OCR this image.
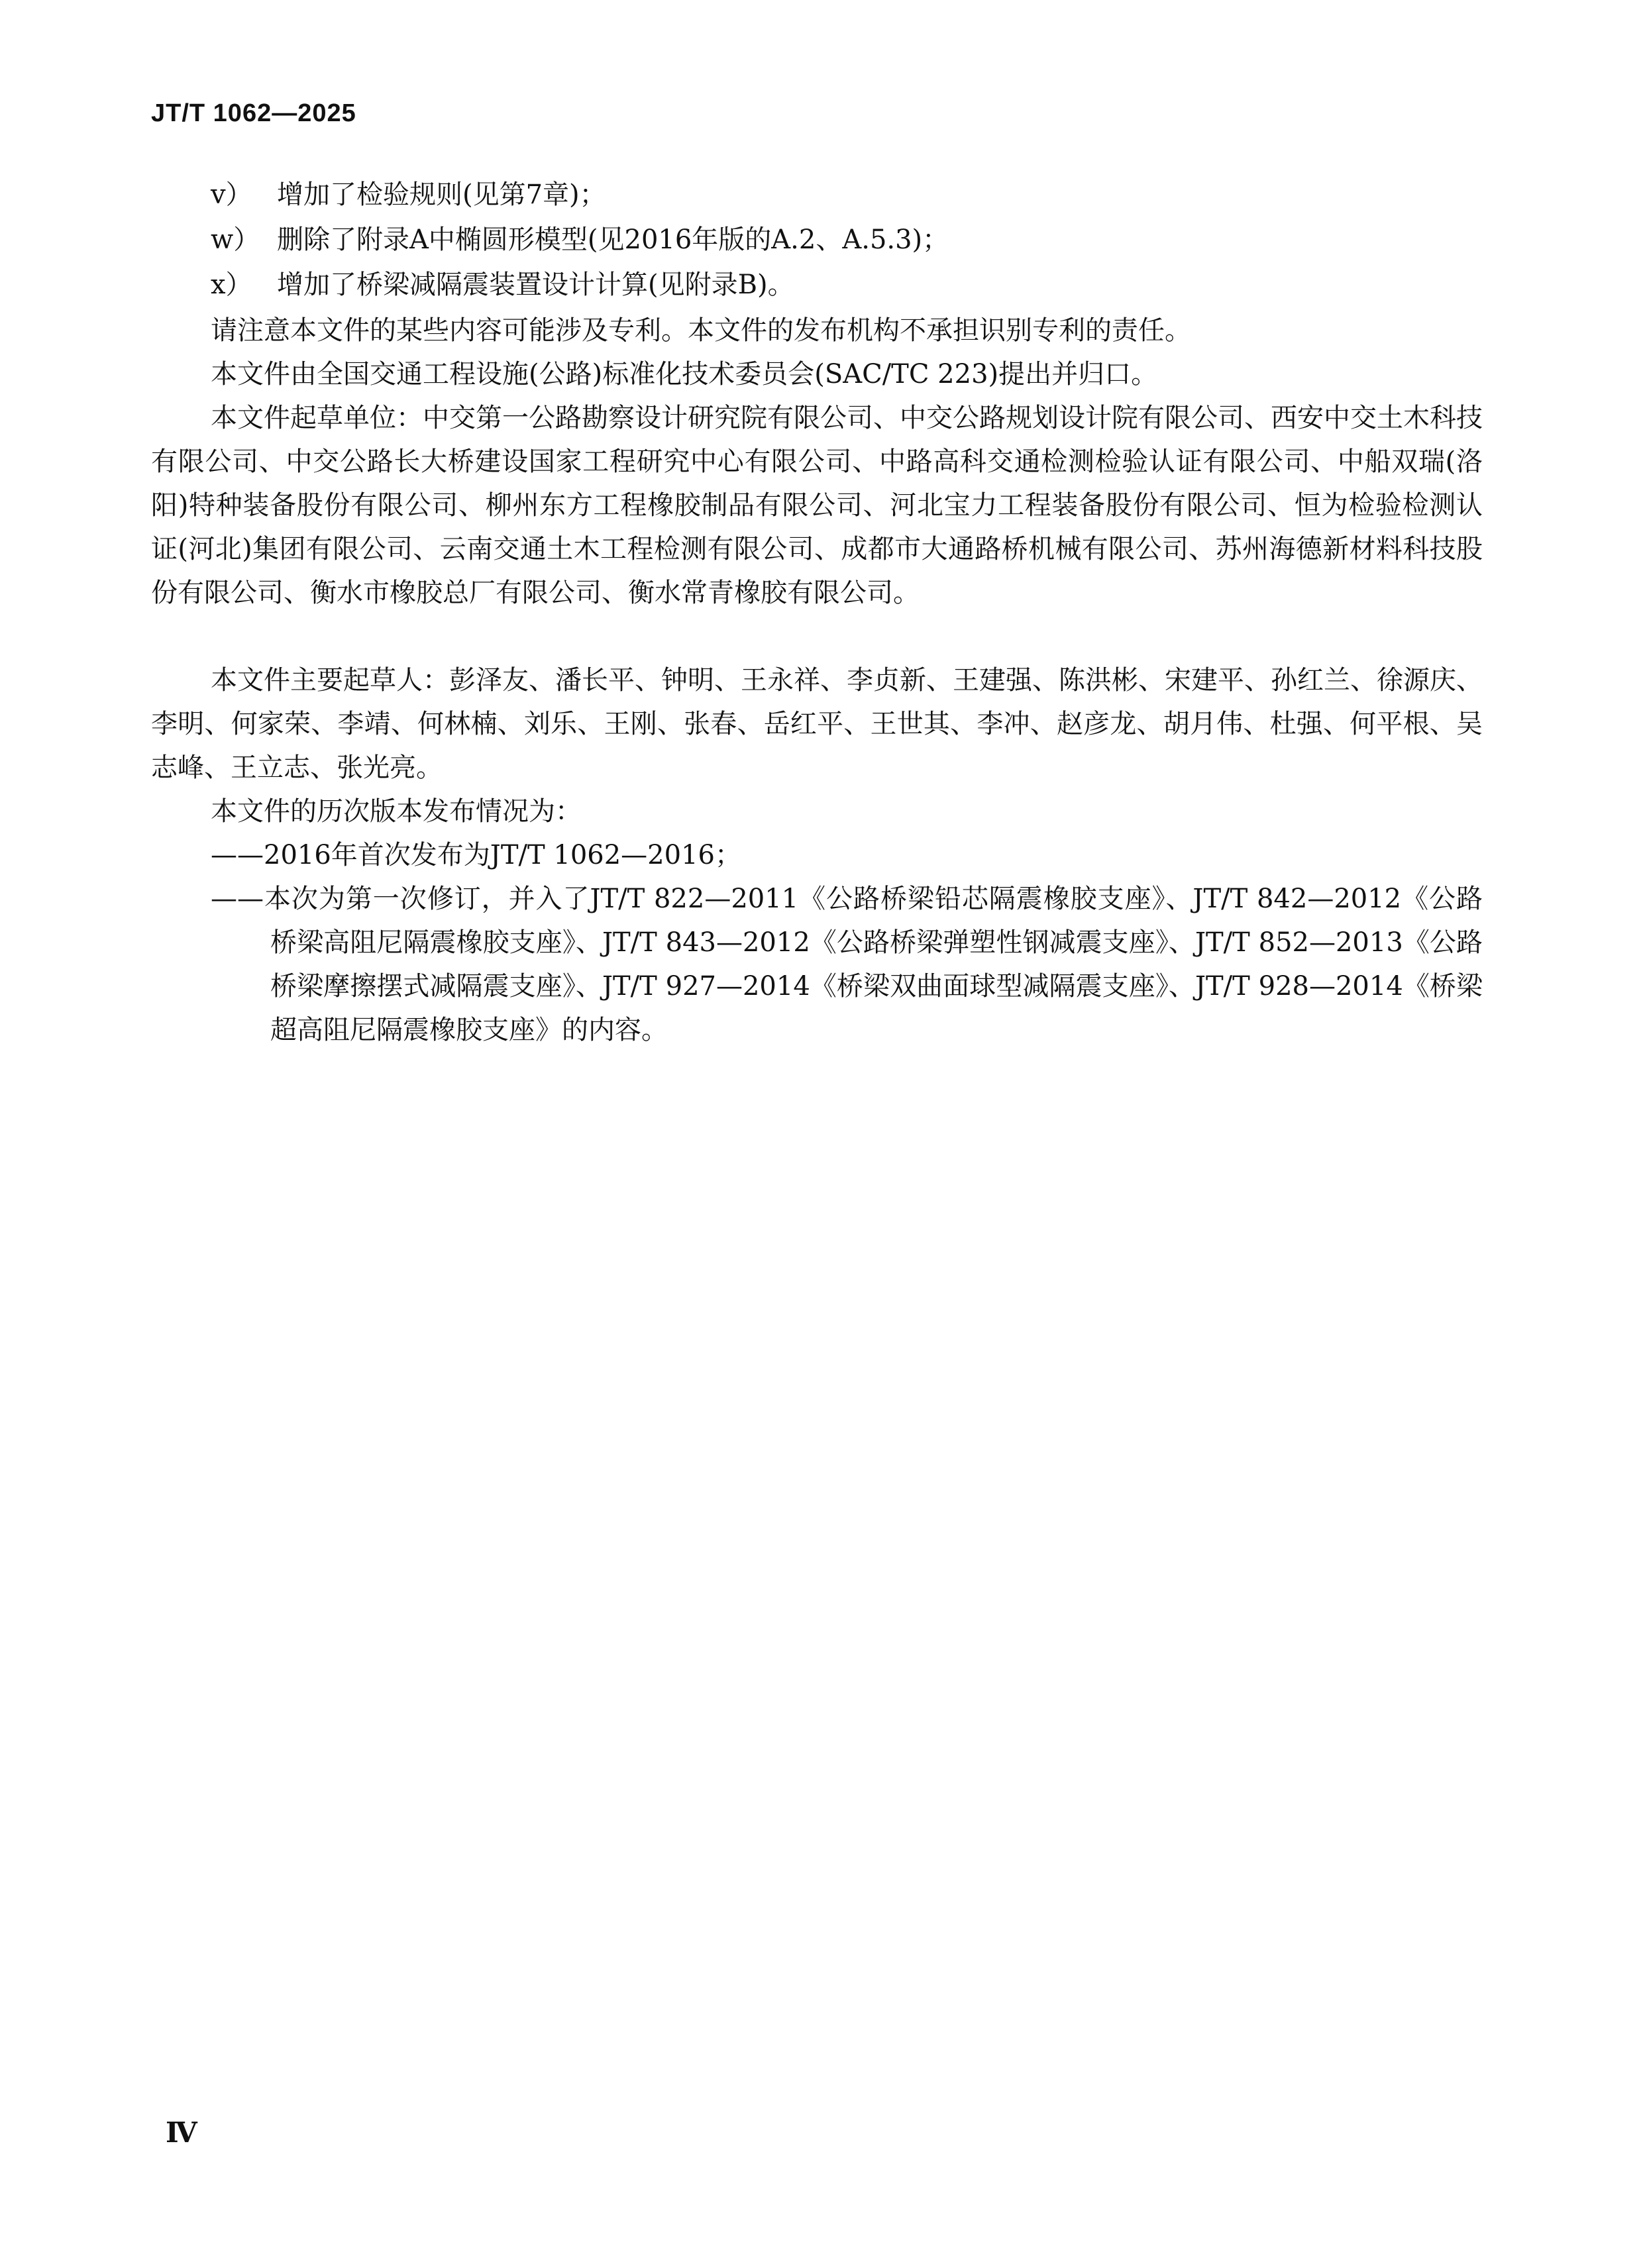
JT/T 1062—2025
v） 增加了检验规则(见第7章)；
w） 删除了附录A中椭圆形模型(见2016年版的A.2、A.5.3)；
x） 增加了桥梁减隔震装置设计计算(见附录B)。
请注意本文件的某些内容可能涉及专利。本文件的发布机构不承担识别专利的责任。
本文件由全国交通工程设施(公路)标准化技术委员会(SAC/TC 223)提出并归口。
本文件起草单位：中交第一公路勘察设计研究院有限公司、中交公路规划设计院有限公司、西安中交土木科技有限公司、中交公路长大桥建设国家工程研究中心有限公司、中路高科交通检测检验认证有限公司、中船双瑞(洛阳)特种装备股份有限公司、柳州东方工程橡胶制品有限公司、河北宝力工程装备股份有限公司、恒为检验检测认证(河北)集团有限公司、云南交通土木工程检测有限公司、成都市大通路桥机械有限公司、苏州海德新材料科技股份有限公司、衡水市橡胶总厂有限公司、衡水常青橡胶有限公司。
本文件主要起草人：彭泽友、潘长平、钟明、王永祥、李贞新、王建强、陈洪彬、宋建平、孙红兰、徐源庆、李明、何家荣、李靖、何林楠、刘乐、王刚、张春、岳红平、王世其、李冲、赵彦龙、胡月伟、杜强、何平根、吴志峰、王立志、张光亮。
本文件的历次版本发布情况为：
——2016年首次发布为JT/T 1062—2016；
——本次为第一次修订，并入了JT/T 822—2011《公路桥梁铅芯隔震橡胶支座》、JT/T 842—2012《公路桥梁高阻尼隔震橡胶支座》、JT/T 843—2012《公路桥梁弹塑性钢减震支座》、JT/T 852—2013《公路桥梁摩擦摆式减隔震支座》、JT/T 927—2014《桥梁双曲面球型减隔震支座》、JT/T 928—2014《桥梁超高阻尼隔震橡胶支座》的内容。
Ⅳ
